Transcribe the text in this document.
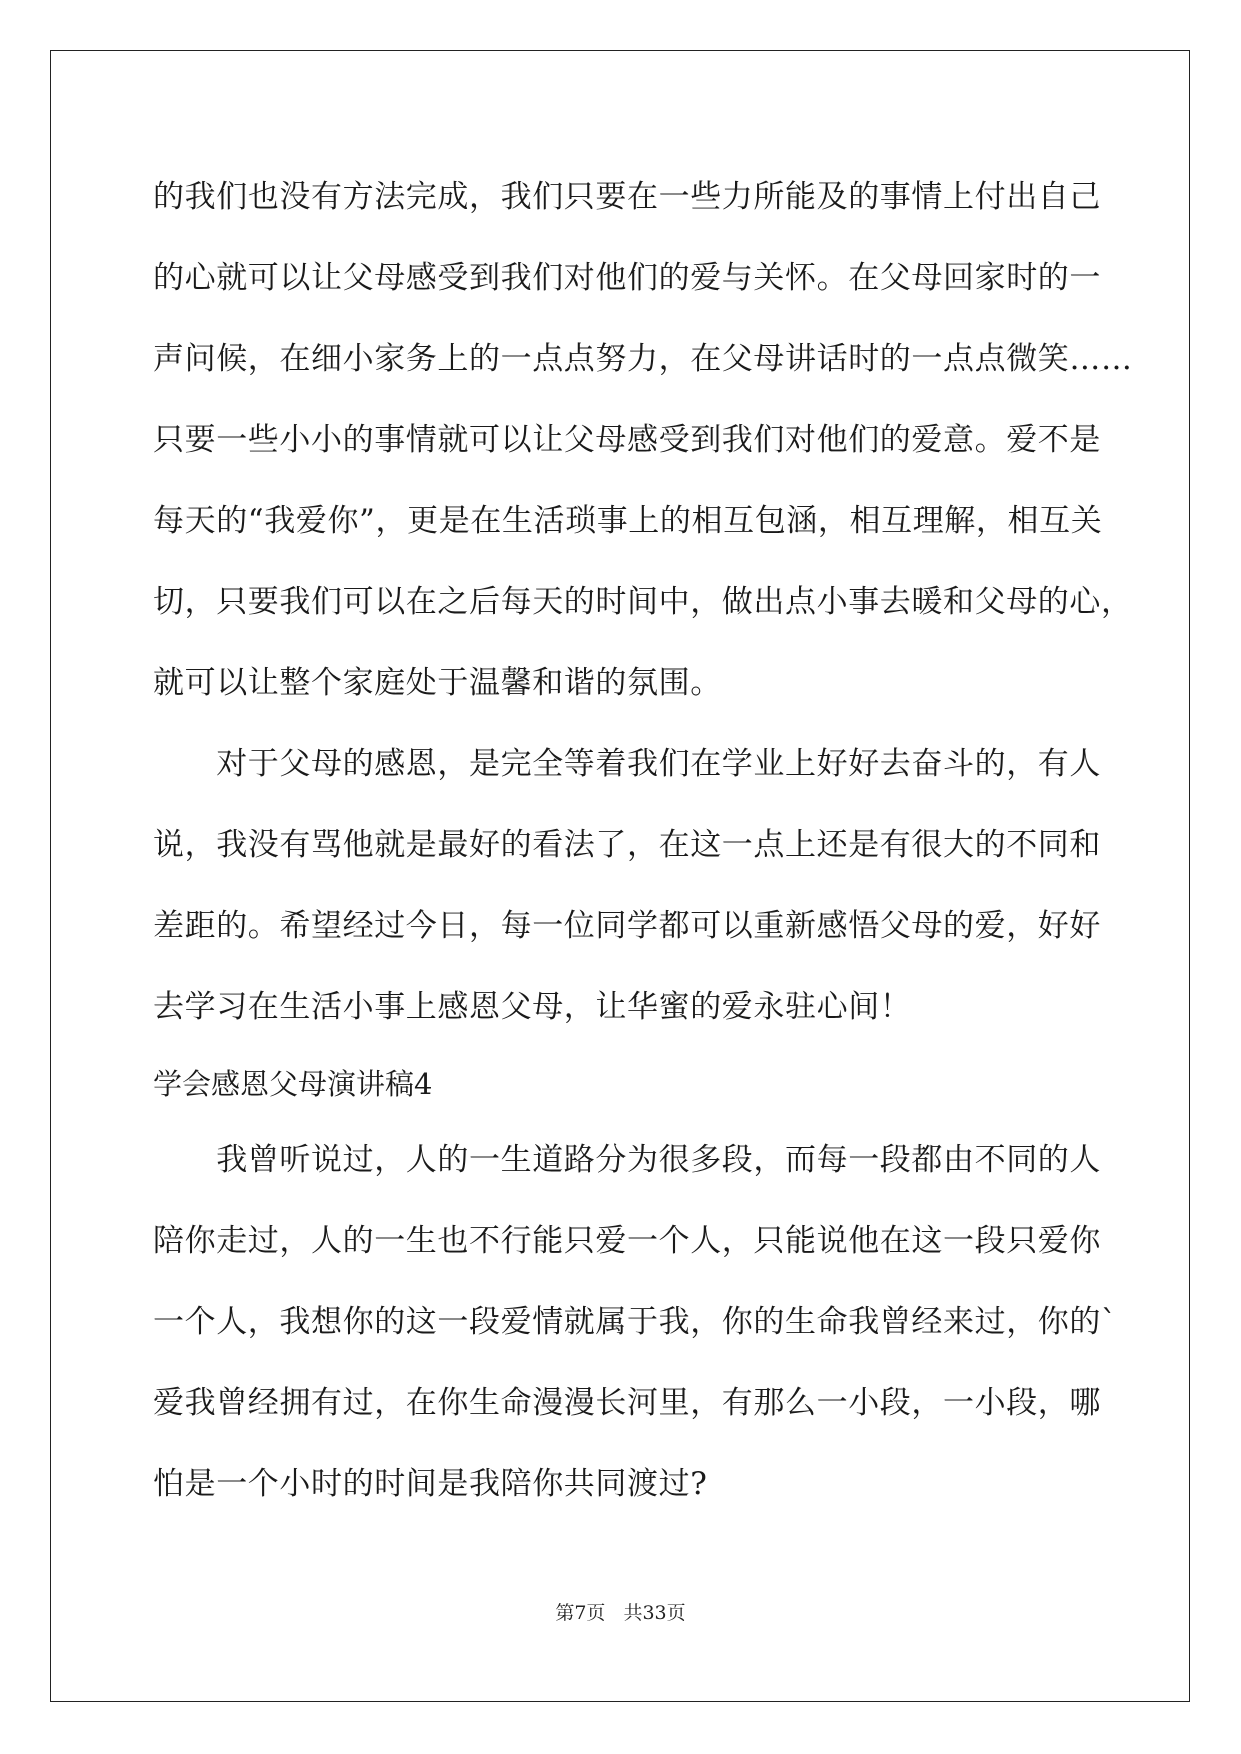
的我们也没有方法完成，我们只要在一些力所能及的事情上付出自己
的心就可以让父母感受到我们对他们的爱与关怀。在父母回家时的一
声问候，在细小家务上的一点点努力，在父母讲话时的一点点微笑……
只要一些小小的事情就可以让父母感受到我们对他们的爱意。爱不是
每天的“我爱你”，更是在生活琐事上的相互包涵，相互理解，相互关
切，只要我们可以在之后每天的时间中，做出点小事去暖和父母的心，
就可以让整个家庭处于温馨和谐的氛围。
　　对于父母的感恩，是完全等着我们在学业上好好去奋斗的，有人
说，我没有骂他就是最好的看法了，在这一点上还是有很大的不同和
差距的。希望经过今日，每一位同学都可以重新感悟父母的爱，好好
去学习在生活小事上感恩父母，让华蜜的爱永驻心间！
学会感恩父母演讲稿4
　　我曾听说过，人的一生道路分为很多段，而每一段都由不同的人
陪你走过，人的一生也不行能只爱一个人，只能说他在这一段只爱你
一个人，我想你的这一段爱情就属于我，你的生命我曾经来过，你的`
爱我曾经拥有过，在你生命漫漫长河里，有那么一小段，一小段，哪
怕是一个小时的时间是我陪你共同渡过?
第7页 共33页
